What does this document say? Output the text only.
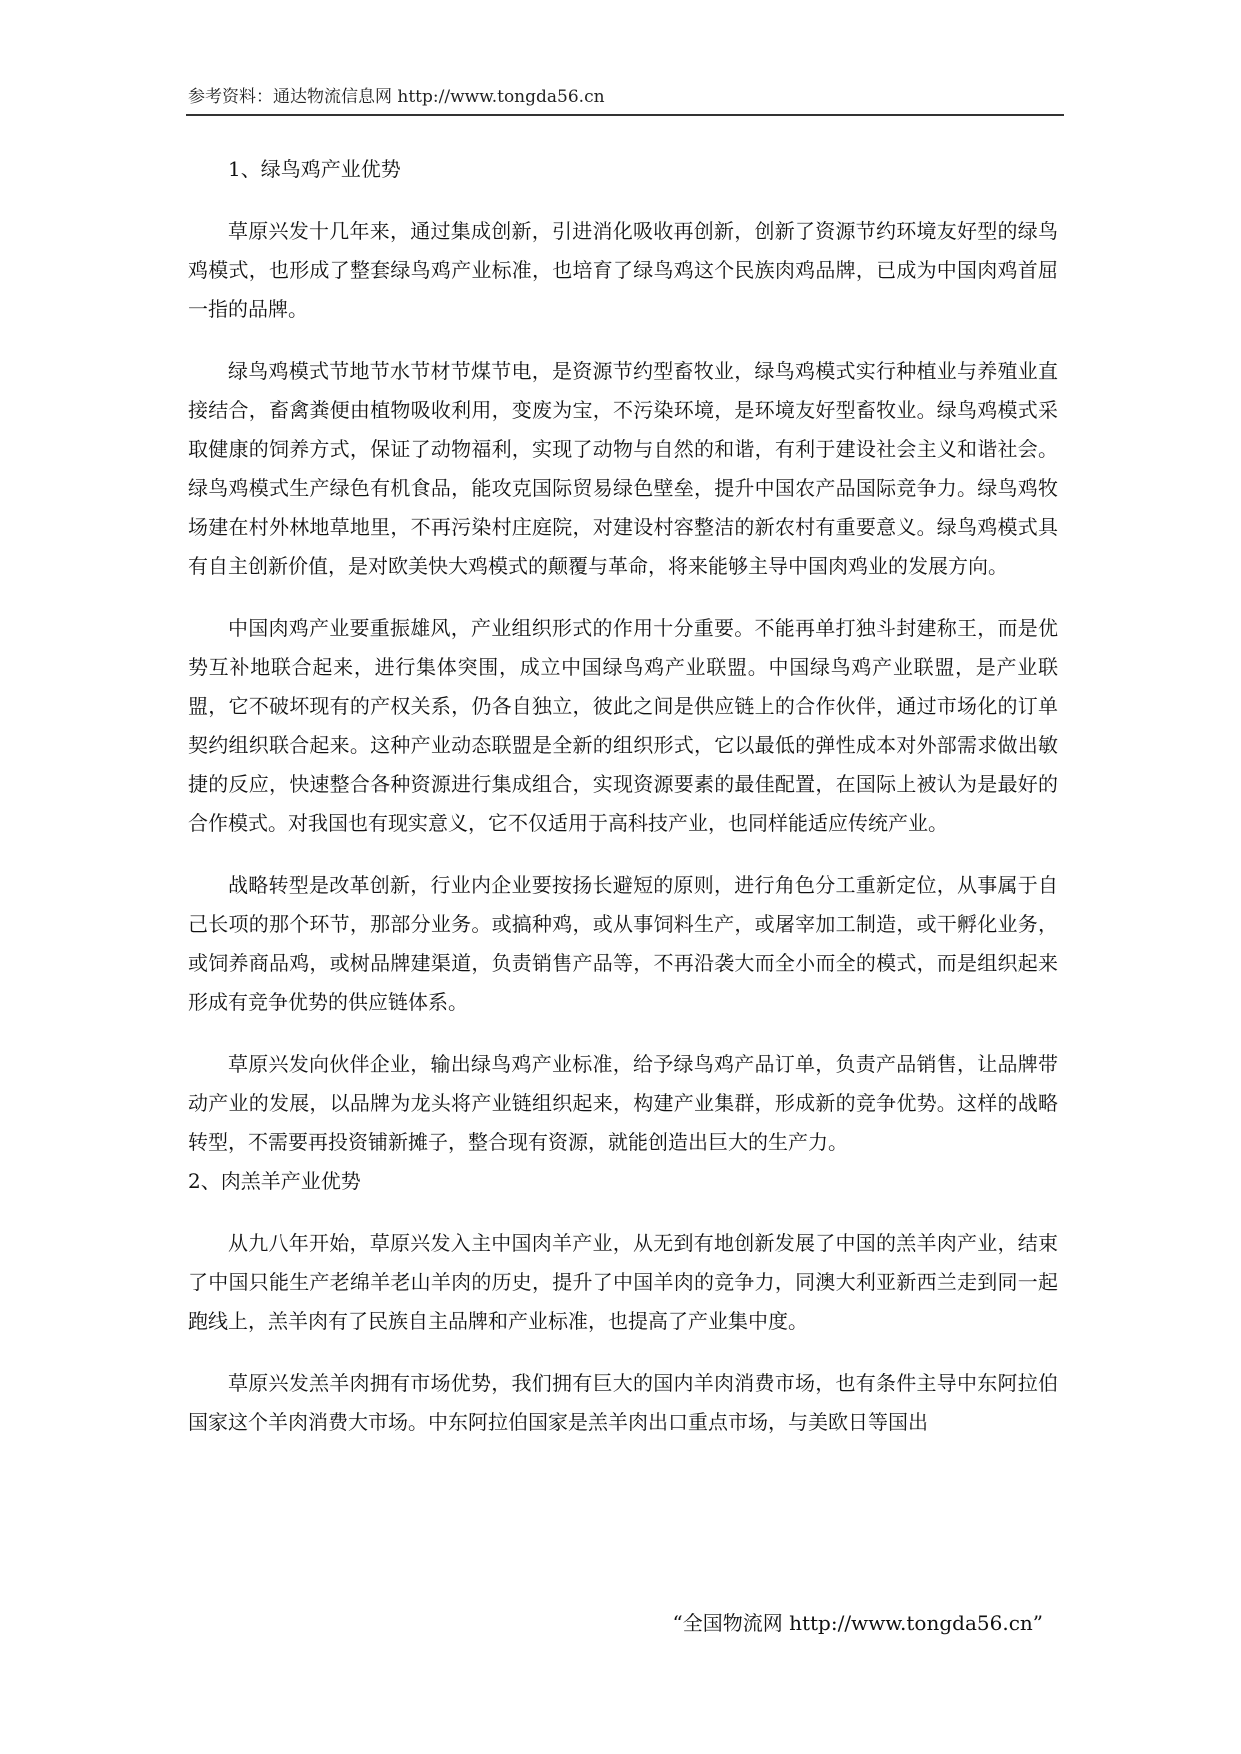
参考资料：通达物流信息网 http://www.tongda56.cn
1、绿鸟鸡产业优势

草原兴发十几年来，通过集成创新，引进消化吸收再创新，创新了资源节约环境友好型的绿鸟鸡模式，也形成了整套绿鸟鸡产业标准，也培育了绿鸟鸡这个民族肉鸡品牌，已成为中国肉鸡首屈一指的品牌。

绿鸟鸡模式节地节水节材节煤节电，是资源节约型畜牧业，绿鸟鸡模式实行种植业与养殖业直接结合，畜禽粪便由植物吸收利用，变废为宝，不污染环境，是环境友好型畜牧业。绿鸟鸡模式采取健康的饲养方式，保证了动物福利，实现了动物与自然的和谐，有利于建设社会主义和谐社会。绿鸟鸡模式生产绿色有机食品，能攻克国际贸易绿色壁垒，提升中国农产品国际竞争力。绿鸟鸡牧场建在村外林地草地里，不再污染村庄庭院，对建设村容整洁的新农村有重要意义。绿鸟鸡模式具有自主创新价值，是对欧美快大鸡模式的颠覆与革命，将来能够主导中国肉鸡业的发展方向。

中国肉鸡产业要重振雄风，产业组织形式的作用十分重要。不能再单打独斗封建称王，而是优势互补地联合起来，进行集体突围，成立中国绿鸟鸡产业联盟。中国绿鸟鸡产业联盟，是产业联盟，它不破坏现有的产权关系，仍各自独立，彼此之间是供应链上的合作伙伴，通过市场化的订单契约组织联合起来。这种产业动态联盟是全新的组织形式，它以最低的弹性成本对外部需求做出敏捷的反应，快速整合各种资源进行集成组合，实现资源要素的最佳配置，在国际上被认为是最好的合作模式。对我国也有现实意义，它不仅适用于高科技产业，也同样能适应传统产业。

战略转型是改革创新，行业内企业要按扬长避短的原则，进行角色分工重新定位，从事属于自己长项的那个环节，那部分业务。或搞种鸡，或从事饲料生产，或屠宰加工制造，或干孵化业务，或饲养商品鸡，或树品牌建渠道，负责销售产品等，不再沿袭大而全小而全的模式，而是组织起来形成有竞争优势的供应链体系。

草原兴发向伙伴企业，输出绿鸟鸡产业标准，给予绿鸟鸡产品订单，负责产品销售，让品牌带动产业的发展，以品牌为龙头将产业链组织起来，构建产业集群，形成新的竞争优势。这样的战略转型，不需要再投资铺新摊子，整合现有资源，就能创造出巨大的生产力。

2、肉羔羊产业优势

从九八年开始，草原兴发入主中国肉羊产业，从无到有地创新发展了中国的羔羊肉产业，结束了中国只能生产老绵羊老山羊肉的历史，提升了中国羊肉的竞争力，同澳大利亚新西兰走到同一起跑线上，羔羊肉有了民族自主品牌和产业标准，也提高了产业集中度。

草原兴发羔羊肉拥有市场优势，我们拥有巨大的国内羊肉消费市场，也有条件主导中东阿拉伯国家这个羊肉消费大市场。中东阿拉伯国家是羔羊肉出口重点市场，与美欧日等国出

“全国物流网 http://www.tongda56.cn”
